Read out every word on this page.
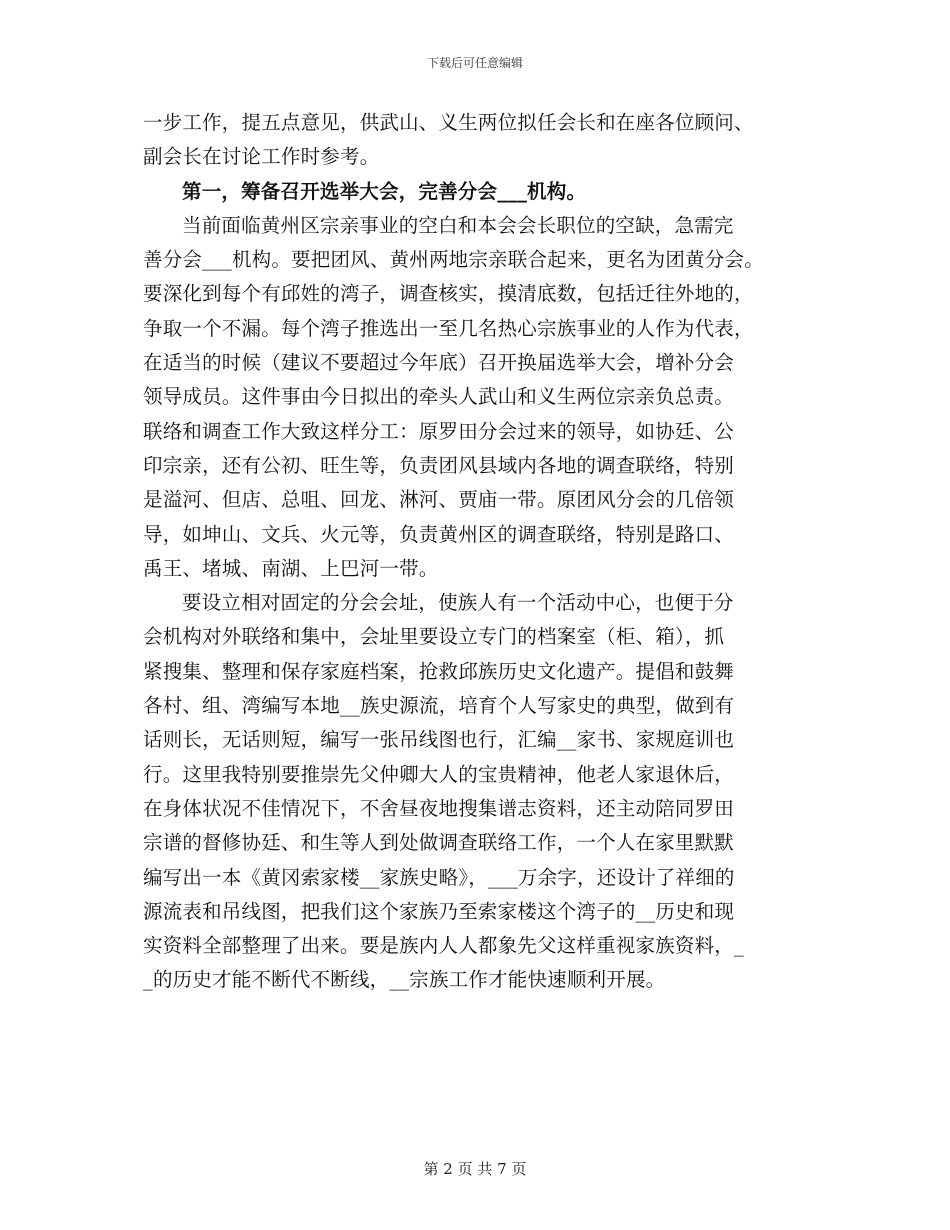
下载后可任意编辑
一步工作，提五点意见，供武山、义生两位拟任会长和在座各位顾问、
副会长在讨论工作时参考。
第一，筹备召开选举大会，完善分会___机构。
当前面临黄州区宗亲事业的空白和本会会长职位的空缺，急需完
善分会___机构。要把团风、黄州两地宗亲联合起来，更名为团黄分会。
要深化到每个有邱姓的湾子，调查核实，摸清底数，包括迁往外地的，
争取一个不漏。每个湾子推选出一至几名热心宗族事业的人作为代表，
在适当的时候（建议不要超过今年底）召开换届选举大会，增补分会
领导成员。这件事由今日拟出的牵头人武山和义生两位宗亲负总责。
联络和调查工作大致这样分工：原罗田分会过来的领导，如协廷、公
印宗亲，还有公初、旺生等，负责团风县域内各地的调查联络，特别
是溢河、但店、总咀、回龙、淋河、贾庙一带。原团风分会的几倍领
导，如坤山、文兵、火元等，负责黄州区的调查联络，特别是路口、
禹王、堵城、南湖、上巴河一带。
要设立相对固定的分会会址，使族人有一个活动中心，也便于分
会机构对外联络和集中，会址里要设立专门的档案室（柜、箱），抓
紧搜集、整理和保存家庭档案，抢救邱族历史文化遗产。提倡和鼓舞
各村、组、湾编写本地__族史源流，培育个人写家史的典型，做到有
话则长，无话则短，编写一张吊线图也行，汇编__家书、家规庭训也
行。这里我特别要推崇先父仲卿大人的宝贵精神，他老人家退休后，
在身体状况不佳情况下，不舍昼夜地搜集谱志资料，还主动陪同罗田
宗谱的督修协廷、和生等人到处做调查联络工作，一个人在家里默默
编写出一本《黄冈索家楼__家族史略》，___万余字，还设计了祥细的
源流表和吊线图，把我们这个家族乃至索家楼这个湾子的__历史和现
实资料全部整理了出来。要是族内人人都象先父这样重视家族资料，_
_的历史才能不断代不断线，__宗族工作才能快速顺利开展。
第 2 页 共 7 页
